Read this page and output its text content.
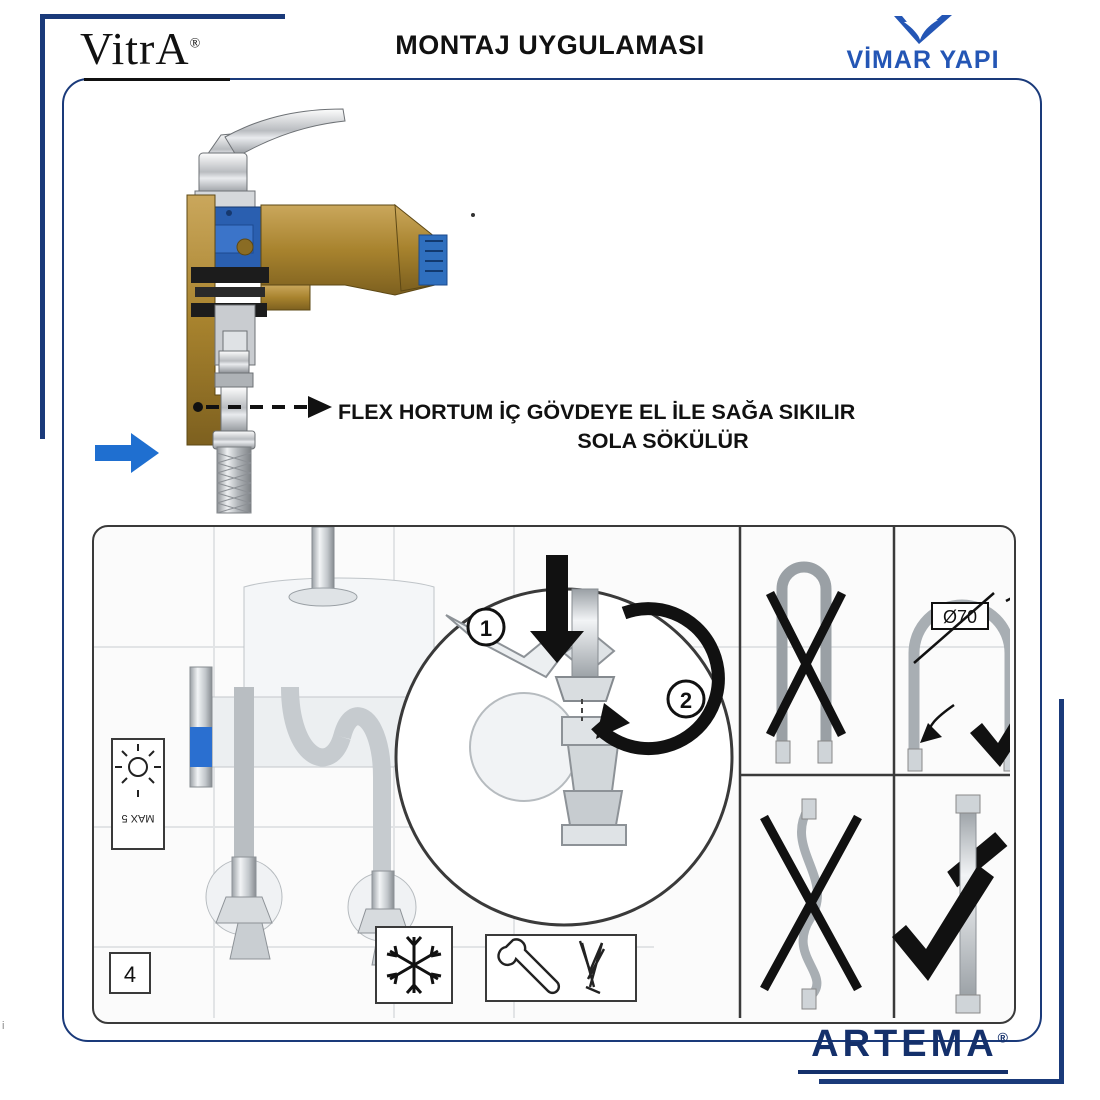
VitrA®	MONTAJ UYGULAMASI	VİMAR YAPI
FLEX HORTUM İÇ GÖVDEYE EL İLE SAĞA SIKILIR
SOLA SÖKÜLÜR
MAX 5
4
1
2
Ø70
ARTEMA®
i
